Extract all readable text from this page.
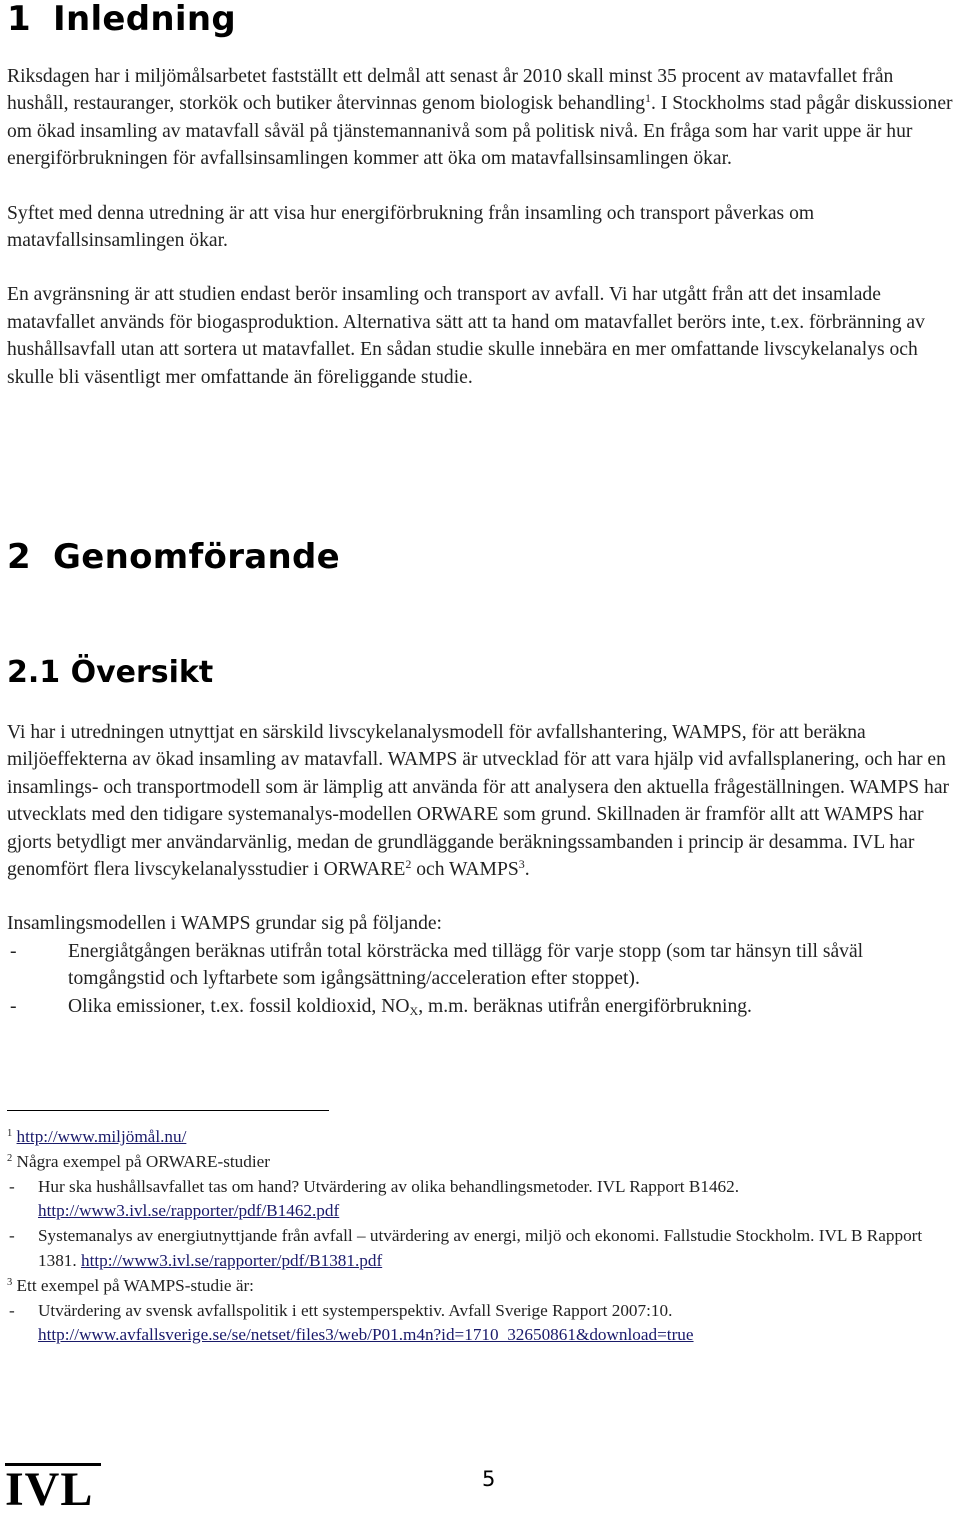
1 Inledning

Riksdagen har i miljömålsarbetet fastställt ett delmål att senast år 2010 skall minst 35 procent av matavfallet från hushåll, restauranger, storkök och butiker återvinnas genom biologisk behandling$^1$. I Stockholms stad pågår diskussioner om ökad insamling av matavfall såväl på tjänstemannanivå som på politisk nivå. En fråga som har varit uppe är hur energiförbrukningen för avfallsinsamlingen kommer att öka om matavfallsinsamlingen ökar.

Syftet med denna utredning är att visa hur energiförbrukning från insamling och transport påverkas om matavfallsinsamlingen ökar.

En avgränsning är att studien endast berör insamling och transport av avfall. Vi har utgått från att det insamlade matavfallet används för biogasproduktion. Alternativa sätt att ta hand om matavfallet berörs inte, t.ex. förbränning av hushållsavfall utan att sortera ut matavfallet. En sådan studie skulle innebära en mer omfattande livscykelanalys och skulle bli väsentligt mer omfattande än föreliggande studie.

2 Genomförande
2.1 Översikt

Vi har i utredningen utnyttjat en särskild livscykelanalysmodell för avfallshantering, WAMPS, för att beräkna miljöeffekterna av ökad insamling av matavfall. WAMPS är utvecklad för att vara hjälp vid avfallsplanering, och har en insamlings- och transportmodell som är lämplig att använda för att analysera den aktuella frågeställningen. WAMPS har utvecklats med den tidigare systemanalys-modellen ORWARE som grund. Skillnaden är framför allt att WAMPS har gjorts betydligt mer användarvänlig, medan de grundläggande beräkningssambanden i princip är desamma. IVL har genomfört flera livscykelanalysstudier i ORWARE$^2$ och WAMPS$^3$.

Insamlingsmodellen i WAMPS grundar sig på följande:

-	Energiåtgången beräknas utifrån total körsträcka med tillägg för varje stopp (som tar hänsyn till såväl tomgångstid och lyftarbete som igångsättning/acceleration efter stoppet).
-	Olika emissioner, t.ex. fossil koldioxid, $NO_X$, m.m. beräknas utifrån energiförbrukning.
$^1$ http://www.miljömål.nu/
$^2$ Några exempel på ORWARE-studier
- Hur ska hushållsavfallet tas om hand? Utvärdering av olika behandlingsmetoder. IVL Rapport B1462. http://www3.ivl.se/rapporter/pdf/B1462.pdf
- Systemanalys av energiutnyttjande från avfall – utvärdering av energi, miljö och ekonomi. Fallstudie Stockholm. IVL B Rapport 1381. http://www3.ivl.se/rapporter/pdf/B1381.pdf
$^3$ Ett exempel på WAMPS-studie är:
- Utvärdering av svensk avfallspolitik i ett systemperspektiv. Avfall Sverige Rapport 2007:10.
http://www.avfallsverige.se/se/netset/files3/web/P01.m4n?id=1710_32650861&download=true
IVL	5
